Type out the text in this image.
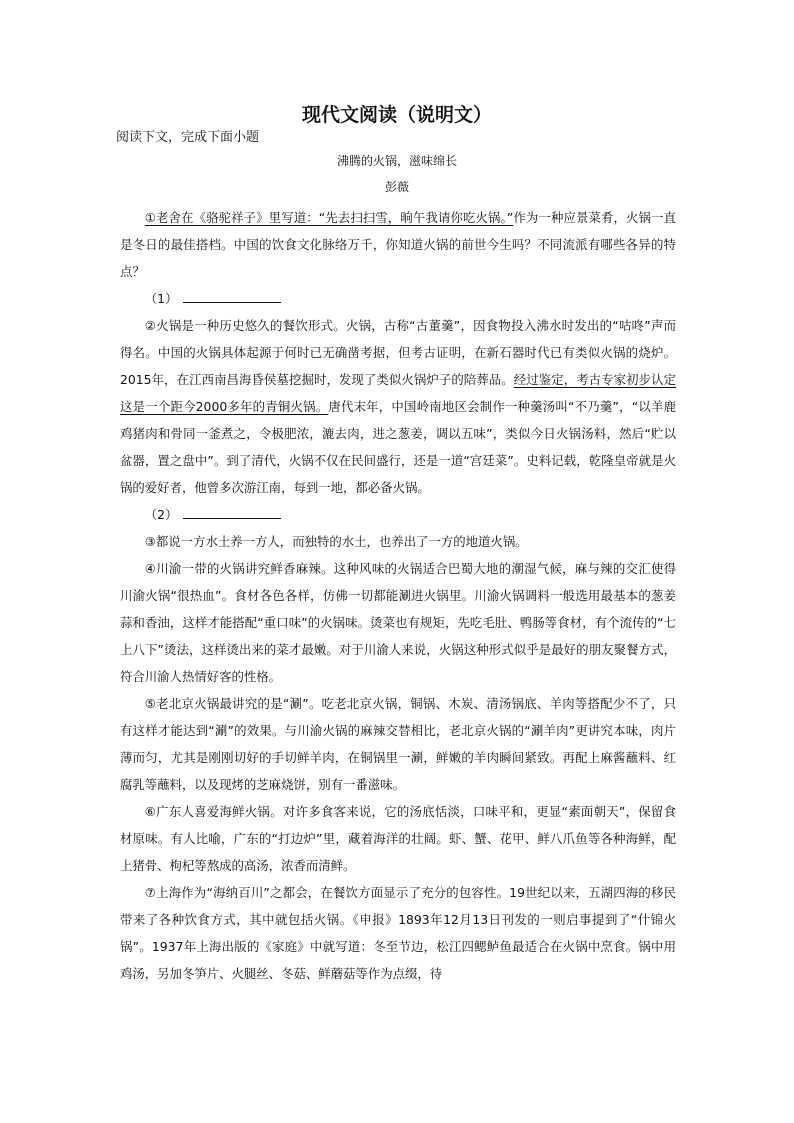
现代文阅读（说明文）
阅读下文，完成下面小题
沸腾的火锅，滋味绵长
彭薇

①老舍在《骆驼祥子》里写道：“先去扫扫雪，晌午我请你吃火锅。”作为一种应景菜肴，火锅一直是冬日的最佳搭档。中国的饮食文化脉络万千，你知道火锅的前世今生吗？不同流派有哪些各异的特点？

（1）

②火锅是一种历史悠久的餐饮形式。火锅，古称“古董羹”，因食物投入沸水时发出的“咕咚”声而得名。中国的火锅具体起源于何时已无确凿考据，但考古证明，在新石器时代已有类似火锅的烧炉。2015年，在江西南昌海昏侯墓挖掘时，发现了类似火锅炉子的陪葬品。经过鉴定，考古专家初步认定这是一个距今2000多年的青铜火锅。唐代末年，中国岭南地区会制作一种羹汤叫“不乃羹”，“以羊鹿鸡猪肉和骨同一釜煮之，令极肥浓，漉去肉，进之葱姜，调以五味”，类似今日火锅汤料，然后“贮以盆器，置之盘中”。到了清代，火锅不仅在民间盛行，还是一道“宫廷菜”。史料记载，乾隆皇帝就是火锅的爱好者，他曾多次游江南，每到一地，都必备火锅。

（2）

③都说一方水土养一方人，而独特的水土，也养出了一方的地道火锅。

④川渝一带的火锅讲究鲜香麻辣。这种风味的火锅适合巴蜀大地的潮湿气候，麻与辣的交汇使得川渝火锅“很热血”。食材各色各样，仿佛一切都能涮进火锅里。川渝火锅调料一般选用最基本的葱姜蒜和香油，这样才能搭配“重口味”的火锅味。烫菜也有规矩，先吃毛肚、鸭肠等食材，有个流传的“七上八下”烫法，这样烫出来的菜才最嫩。对于川渝人来说，火锅这种形式似乎是最好的朋友聚餐方式，符合川渝人热情好客的性格。

⑤老北京火锅最讲究的是“涮”。吃老北京火锅，铜锅、木炭、清汤锅底、羊肉等搭配少不了，只有这样才能达到“涮”的效果。与川渝火锅的麻辣交替相比，老北京火锅的“涮羊肉”更讲究本味，肉片薄而匀，尤其是刚刚切好的手切鲜羊肉，在铜锅里一涮，鲜嫩的羊肉瞬间紧致。再配上麻酱蘸料、红腐乳等蘸料，以及现烤的芝麻烧饼，别有一番滋味。

⑥广东人喜爱海鲜火锅。对许多食客来说，它的汤底恬淡，口味平和，更显“素面朝天”，保留食材原味。有人比喻，广东的“打边炉”里，藏着海洋的壮阔。虾、蟹、花甲、鲜八爪鱼等各种海鲜，配上猪骨、枸杞等熬成的高汤，浓香而清鲜。

⑦上海作为“海纳百川”之都会，在餐饮方面显示了充分的包容性。19世纪以来，五湖四海的移民带来了各种饮食方式，其中就包括火锅。《申报》1893年12月13日刊发的一则启事提到了“什锦火锅”。1937年上海出版的《家庭》中就写道：冬至节边，松江四鳃鲈鱼最适合在火锅中烹食。锅中用鸡汤，另加冬笋片、火腿丝、冬菇、鲜蘑菇等作为点缀，待
